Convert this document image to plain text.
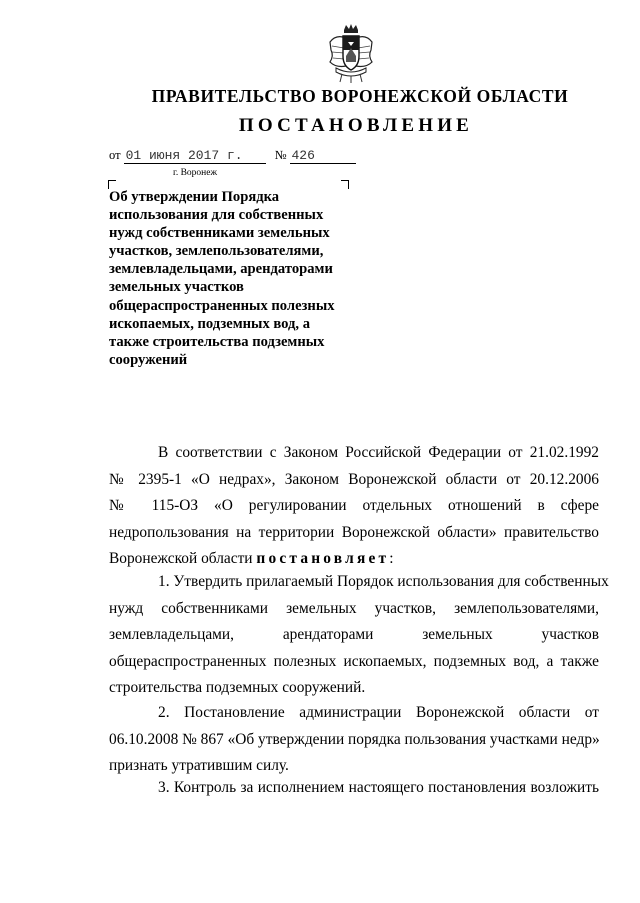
ПРАВИТЕЛЬСТВО ВОРОНЕЖСКОЙ ОБЛАСТИ
ПОСТАНОВЛЕНИЕ
от 01 июня 2017 г.	№ 426
г. Воронеж
Об утверждении Порядка
использования для собственных
нужд собственниками земельных
участков, землепользователями,
землевладельцами, арендаторами
земельных участков
общераспространенных полезных
ископаемых, подземных вод, а
также строительства подземных
сооружений
В соответствии с Законом Российской Федерации от 21.02.1992
№ 2395-1 «О недрах», Законом Воронежской области от 20.12.2006
№ 115-ОЗ «О регулировании отдельных отношений в сфере
недропользования на территории Воронежской области» правительство
Воронежской области постановляет:
1. Утвердить прилагаемый Порядок использования для собственных
нужд собственниками земельных участков, землепользователями,
землевладельцами, арендаторами земельных участков
общераспространенных полезных ископаемых, подземных вод, а также
строительства подземных сооружений.
2. Постановление администрации Воронежской области от
06.10.2008 № 867 «Об утверждении порядка пользования участками недр»
признать утратившим силу.
3. Контроль за исполнением настоящего постановления возложить
